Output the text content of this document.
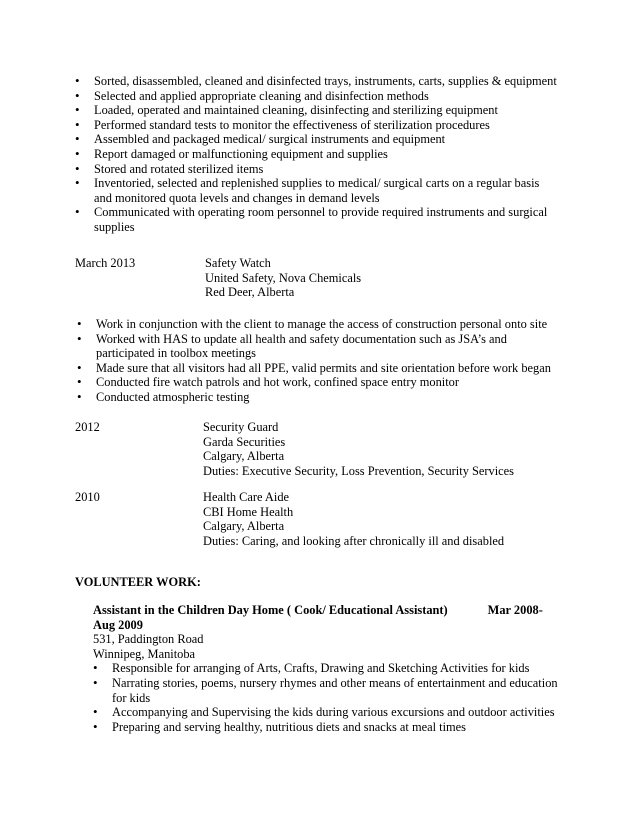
• Sorted, disassembled, cleaned and disinfected trays, instruments, carts, supplies & equipment
• Selected and applied appropriate cleaning and disinfection methods
• Loaded, operated and maintained cleaning, disinfecting and sterilizing equipment
• Performed standard tests to monitor the effectiveness of sterilization procedures
• Assembled and packaged medical/ surgical instruments and equipment
• Report damaged or malfunctioning equipment and supplies
• Stored and rotated sterilized items
• Inventoried, selected and replenished supplies to medical/ surgical carts on a regular basis and monitored quota levels and changes in demand levels
• Communicated with operating room personnel to provide required instruments and surgical supplies
March 2013	Safety Watch
United Safety, Nova Chemicals
Red Deer, Alberta
• Work in conjunction with the client to manage the access of construction personal onto site
• Worked with HAS to update all health and safety documentation such as JSA’s and participated in toolbox meetings
• Made sure that all visitors had all PPE, valid permits and site orientation before work began
• Conducted fire watch patrols and hot work, confined space entry monitor
• Conducted atmospheric testing
2012	Security Guard
Garda Securities
Calgary, Alberta
Duties: Executive Security, Loss Prevention, Security Services
2010	Health Care Aide
CBI Home Health
Calgary, Alberta
Duties: Caring, and looking after chronically ill and disabled
VOLUNTEER WORK:
Assistant in the Children Day Home ( Cook/ Educational Assistant)	Mar 2008-Aug 2009
531, Paddington Road
Winnipeg, Manitoba
• Responsible for arranging of Arts, Crafts, Drawing and Sketching Activities for kids
• Narrating stories, poems, nursery rhymes and other means of entertainment and education for kids
• Accompanying and Supervising the kids during various excursions and outdoor activities
• Preparing and serving healthy, nutritious diets and snacks at meal times
